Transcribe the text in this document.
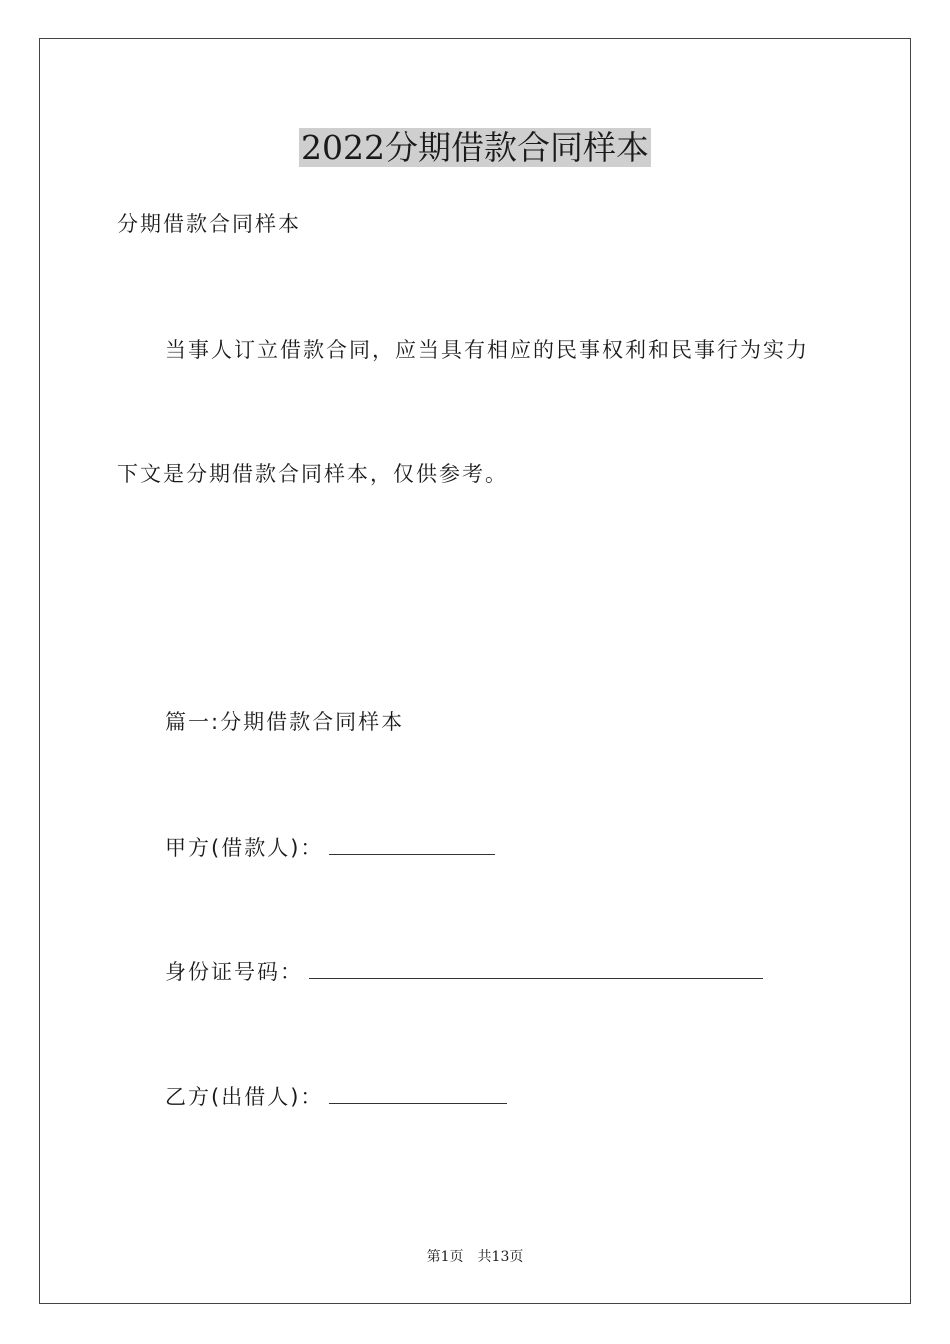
2022分期借款合同样本
分期借款合同样本
当事人订立借款合同，应当具有相应的民事权利和民事行为实力
下文是分期借款合同样本，仅供参考。
篇一:分期借款合同样本
甲方(借款人)：
身份证号码：
乙方(出借人)：
第1页 共13页
